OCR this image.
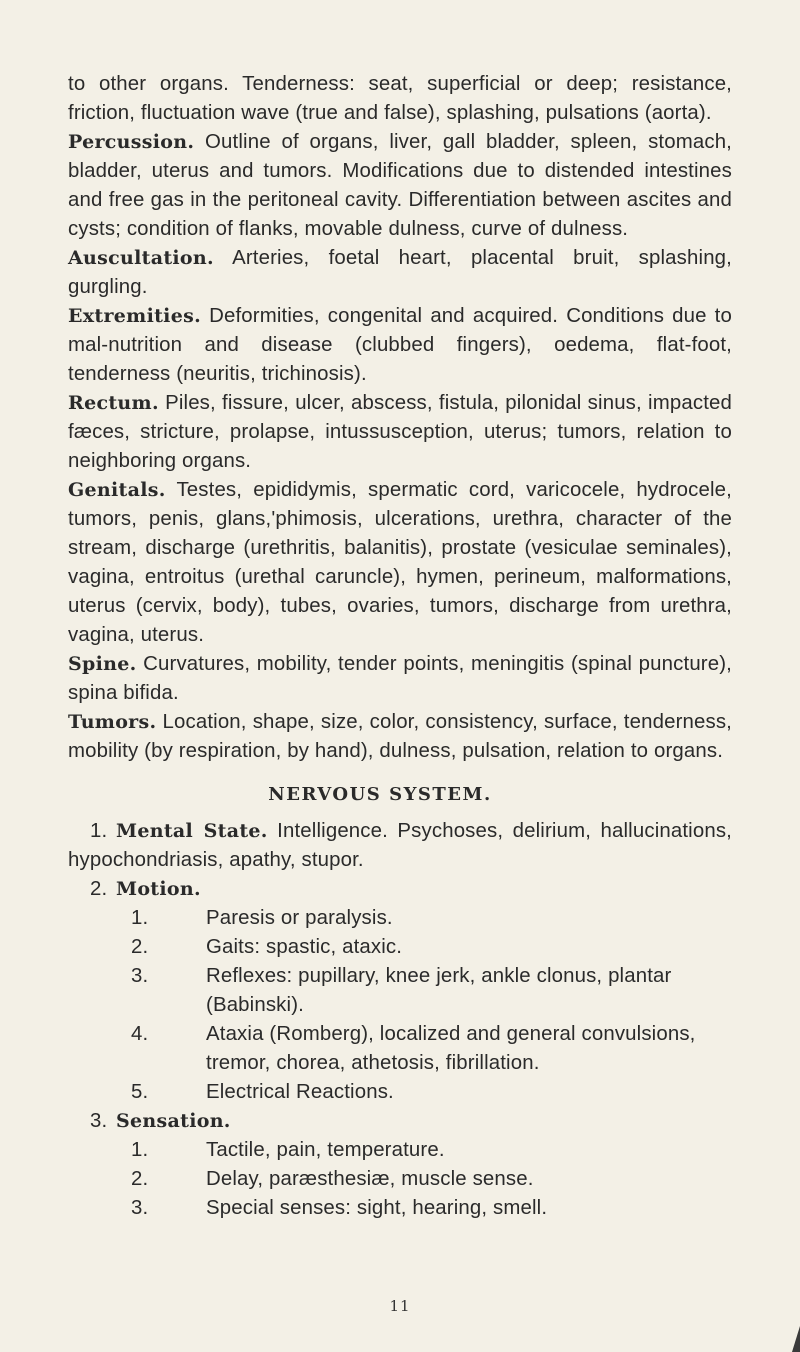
to other organs. Tenderness: seat, superficial or deep; resistance, friction, fluctuation wave (true and false), splashing, pulsations (aorta).

Percussion. Outline of organs, liver, gall bladder, spleen, stomach, bladder, uterus and tumors. Modifications due to distended intestines and free gas in the peritoneal cavity. Differentiation between ascites and cysts; condition of flanks, movable dulness, curve of dulness.

Auscultation. Arteries, foetal heart, placental bruit, splashing, gurgling.

Extremities. Deformities, congenital and acquired. Conditions due to mal-nutrition and disease (clubbed fingers), oedema, flat-foot, tenderness (neuritis, trichinosis).

Rectum. Piles, fissure, ulcer, abscess, fistula, pilonidal sinus, impacted fæces, stricture, prolapse, intussusception, uterus; tumors, relation to neighboring organs.

Genitals. Testes, epididymis, spermatic cord, varicocele, hydrocele, tumors, penis, glans,'phimosis, ulcerations, urethra, character of the stream, discharge (urethritis, balanitis), prostate (vesiculae seminales), vagina, entroitus (urethal caruncle), hymen, perineum, malformations, uterus (cervix, body), tubes, ovaries, tumors, discharge from urethra, vagina, uterus.

Spine. Curvatures, mobility, tender points, meningitis (spinal puncture), spina bifida.

Tumors. Location, shape, size, color, consistency, surface, tenderness, mobility (by respiration, by hand), dulness, pulsation, relation to organs.

NERVOUS SYSTEM.

1. Mental State. Intelligence. Psychoses, delirium, hallucinations, hypochondriasis, apathy, stupor.

2. Motion.

1.	Paresis or paralysis.
2.	Gaits: spastic, ataxic.
3.	Reflexes: pupillary, knee jerk, ankle clonus, plantar (Babinski).
4.	Ataxia (Romberg), localized and general convulsions, tremor, chorea, athetosis, fibrillation.
5.	Electrical Reactions.

3. Sensation.

1.	Tactile, pain, temperature.
2.	Delay, paræsthesiæ, muscle sense.
3.	Special senses: sight, hearing, smell.
11
